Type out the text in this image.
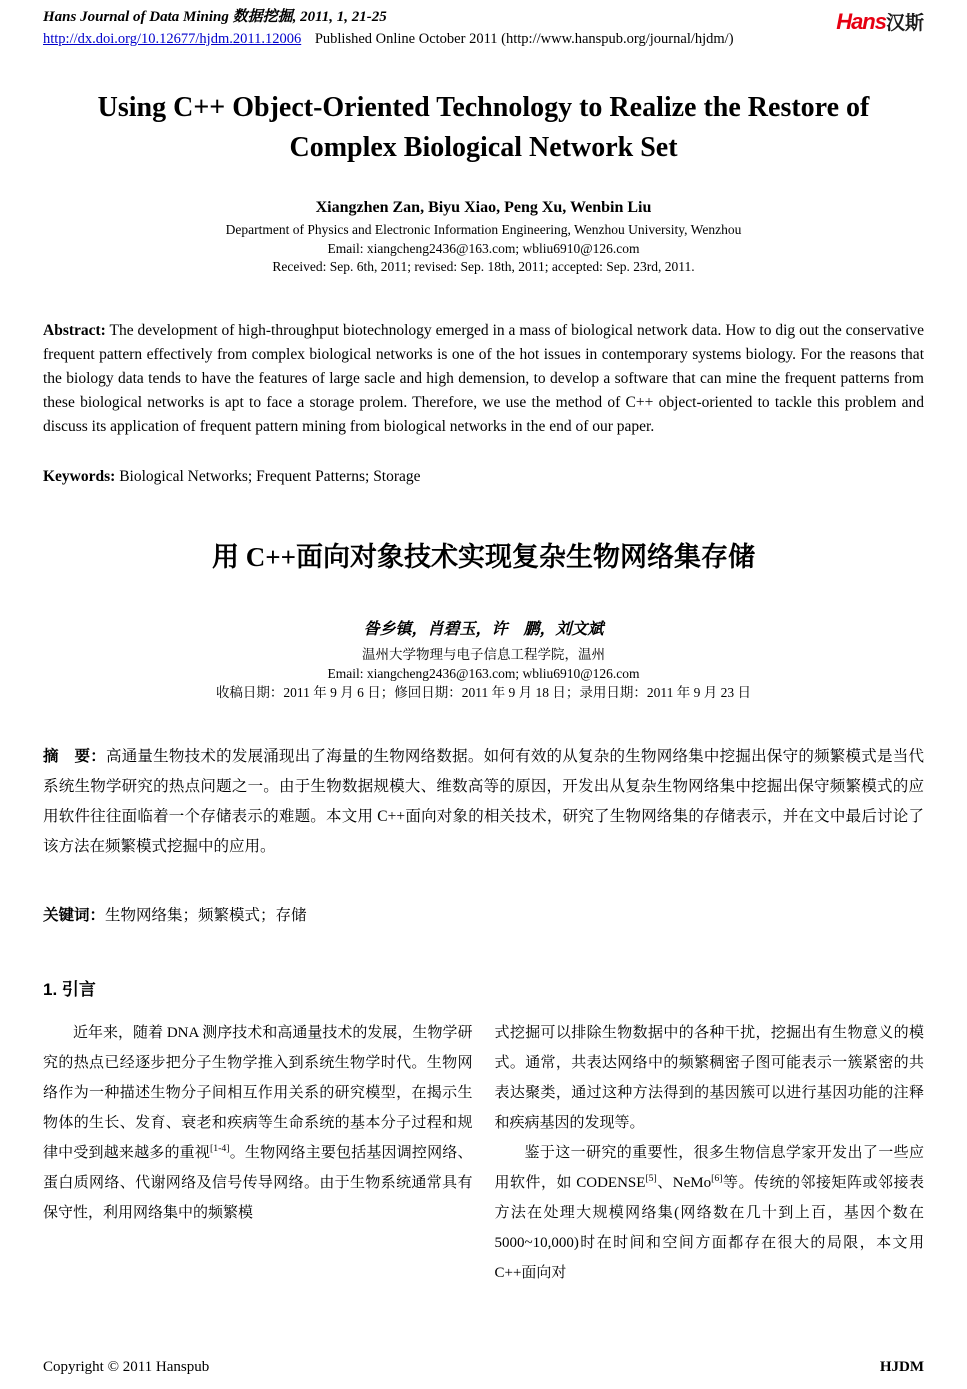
Hans Journal of Data Mining 数据挖掘, 2011, 1, 21-25
http://dx.doi.org/10.12677/hjdm.2011.12006 Published Online October 2011 (http://www.hanspub.org/journal/hjdm/)
Hans汉斯
Using C++ Object-Oriented Technology to Realize the Restore of Complex Biological Network Set
Xiangzhen Zan, Biyu Xiao, Peng Xu, Wenbin Liu
Department of Physics and Electronic Information Engineering, Wenzhou University, Wenzhou
Email: xiangcheng2436@163.com; wbliu6910@126.com
Received: Sep. 6th, 2011; revised: Sep. 18th, 2011; accepted: Sep. 23rd, 2011.

Abstract: The development of high-throughput biotechnology emerged in a mass of biological network data. How to dig out the conservative frequent pattern effectively from complex biological networks is one of the hot issues in contemporary systems biology. For the reasons that the biology data tends to have the features of large sacle and high demension, to develop a software that can mine the frequent patterns from these biological networks is apt to face a storage prolem. Therefore, we use the method of C++ object-oriented to tackle this problem and discuss its application of frequent pattern mining from biological networks in the end of our paper.

Keywords: Biological Networks; Frequent Patterns; Storage

用 C++面向对象技术实现复杂生物网络集存储
昝乡镇，肖碧玉，许　鹏，刘文斌
温州大学物理与电子信息工程学院，温州
Email: xiangcheng2436@163.com; wbliu6910@126.com
收稿日期：2011 年 9 月 6 日；修回日期：2011 年 9 月 18 日；录用日期：2011 年 9 月 23 日

摘　要：高通量生物技术的发展涌现出了海量的生物网络数据。如何有效的从复杂的生物网络集中挖掘出保守的频繁模式是当代系统生物学研究的热点问题之一。由于生物数据规模大、维数高等的原因，开发出从复杂生物网络集中挖掘出保守频繁模式的应用软件往往面临着一个存储表示的难题。本文用 C++面向对象的相关技术，研究了生物网络集的存储表示，并在文中最后讨论了该方法在频繁模式挖掘中的应用。

关键词：生物网络集；频繁模式；存储

1. 引言

近年来，随着 DNA 测序技术和高通量技术的发展，生物学研究的热点已经逐步把分子生物学推入到系统生物学时代。生物网络作为一种描述生物分子间相互作用关系的研究模型，在揭示生物体的生长、发育、衰老和疾病等生命系统的基本分子过程和规律中受到越来越多的重视[1-4]。生物网络主要包括基因调控网络、蛋白质网络、代谢网络及信号传导网络。由于生物系统通常具有保守性，利用网络集中的频繁模

式挖掘可以排除生物数据中的各种干扰，挖掘出有生物意义的模式。通常，共表达网络中的频繁稠密子图可能表示一簇紧密的共表达聚类，通过这种方法得到的基因簇可以进行基因功能的注释和疾病基因的发现等。

鉴于这一研究的重要性，很多生物信息学家开发出了一些应用软件，如 CODENSE[5]、NeMo[6]等。传统的邻接矩阵或邻接表方法在处理大规模网络集(网络数在几十到上百，基因个数在 5000~10,000)时在时间和空间方面都存在很大的局限，本文用 C++面向对

Copyright © 2011 Hanspub	HJDM
